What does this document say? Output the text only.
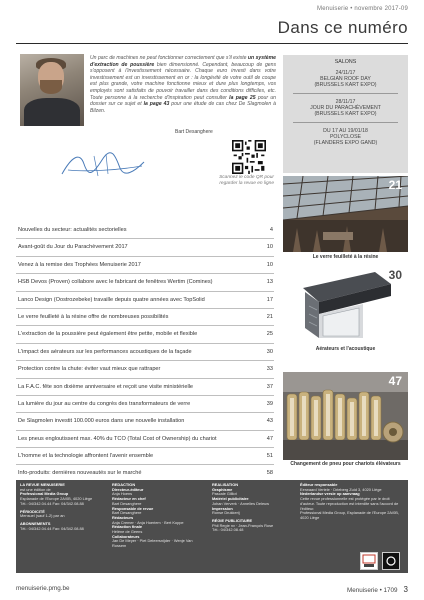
Menuiserie • novembre 2017-09
Dans ce numéro

Un parc de machines ne peut fonctionner correctement que s'il existe un système d'extraction de poussière bien dimensionné. Cependant, beaucoup de gens s'opposent à l'investissement nécessaire. Chaque euro investi dans votre investissement est un investissement en or : la longévité de votre outil de coupe est plus grande, votre machine fonctionne mieux et dure plus longtemps, vos employés sont satisfaits de pouvoir travailler dans des conditions difficiles, etc. Toute personne à la recherche d'inspiration peut consulter la page 25 pour un dossier sur ce sujet et la page 43 pour une étude de cas chez De Slagmolen à Bilzen.

Bart Desanghere
Scannez le code QR pour regarder la revue en ligne
SALONS
24/11/17
BELGIAN ROOF DAY
(BRUSSELS KART EXPO)
28/11/17
JOUR DU PARACHÈVEMENT
(BRUSSELS KART EXPO)
DU 17 AU 19/01/18
POLYCLOSE
(FLANDERS EXPO GAND)
Nouvelles du secteur: actualités sectorielles	4
Avant-goût du Jour du Parachèvement 2017	10
Venez à la remise des Trophées Menuiserie 2017	10
HSB Devos (Proven) collabore avec le fabricant de fenêtres Wertim (Comines)	13
Lanco Design (Oostrozebeke) travaille depuis quatre années avec TopSolid	17
Le verre feuilleté à la résine offre de nombreuses possibilités	21
L'extraction de la poussière peut également être petite, mobile et flexible	25
L'impact des aérateurs sur les performances acoustiques de la façade	30
Protection contre la chute: éviter vaut mieux que rattraper	33
La F.A.C. fête son dixième anniversaire et reçoit une visite ministérielle	37
La lumière du jour au centre du congrès des transformateurs de verre	39
De Slagmolen investit 100.000 euros dans une nouvelle installation	43
Les pneus engloutissent max. 40% du TCO (Total Cost of Ownership) du chariot	47
L'homme et la technologie affrontent l'avenir ensemble	51
Info-produits: dernières nouveautés sur le marché	58
21
Le verre feuilleté à la résine
30
Aérateurs et l'acoustique
47
Changement de pneu pour chariots élévateurs
LA REVUE MENUISERIE
est une édition de
Professional Media Group
Esplanade de l'Europe 2A/0B, 4020 Liège
Tél.: 04/342.04.44 Fax: 04/342.08.88
PÉRIODICITÉ
Mensuel (sauf 1-2) par an
ABONNEMENTS
Tél.: 04/342.04.44 Fax: 04/342.08.88
REDACTION
Directeur-éditeur
Anja Hoens
Rédacteur en chef
Bart Desanghere
Responsable de revue
Bart Desanghere
Rédacteurs
Anja Cremer · Anja Hoeriem · Bert Koppe
Rédaction finale
Hélène de Geens
Collaborateurs
Jan De Meyer · Piet Deleersnijder · Wenje Van Rossem
REALISATION
Graphisme
Pascale Gilliot
Matériel publicitaire
Johan Ververk · Annelies Deleuw
Impression
Ronse Drukkerij
RÉGIE PUBLICITAIRE
Phil Regie nv · Jean-François Rose
Tél.: 04/342.08.48
Éditeur responsable
Eerwaard Vertele · Drieberg Zuid 3, 4020 Liège
Nederlandse versie op aanvraag
Cette revue professionnelle est protégée par le droit d'auteur. Toute reproduction est interdite sans l'accord de l'éditeur.
Professional Media Group, Esplanade de l'Europe 2A/0B, 4020 Liège
menuiserie.pmg.be	Menuiserie • 1709 3
